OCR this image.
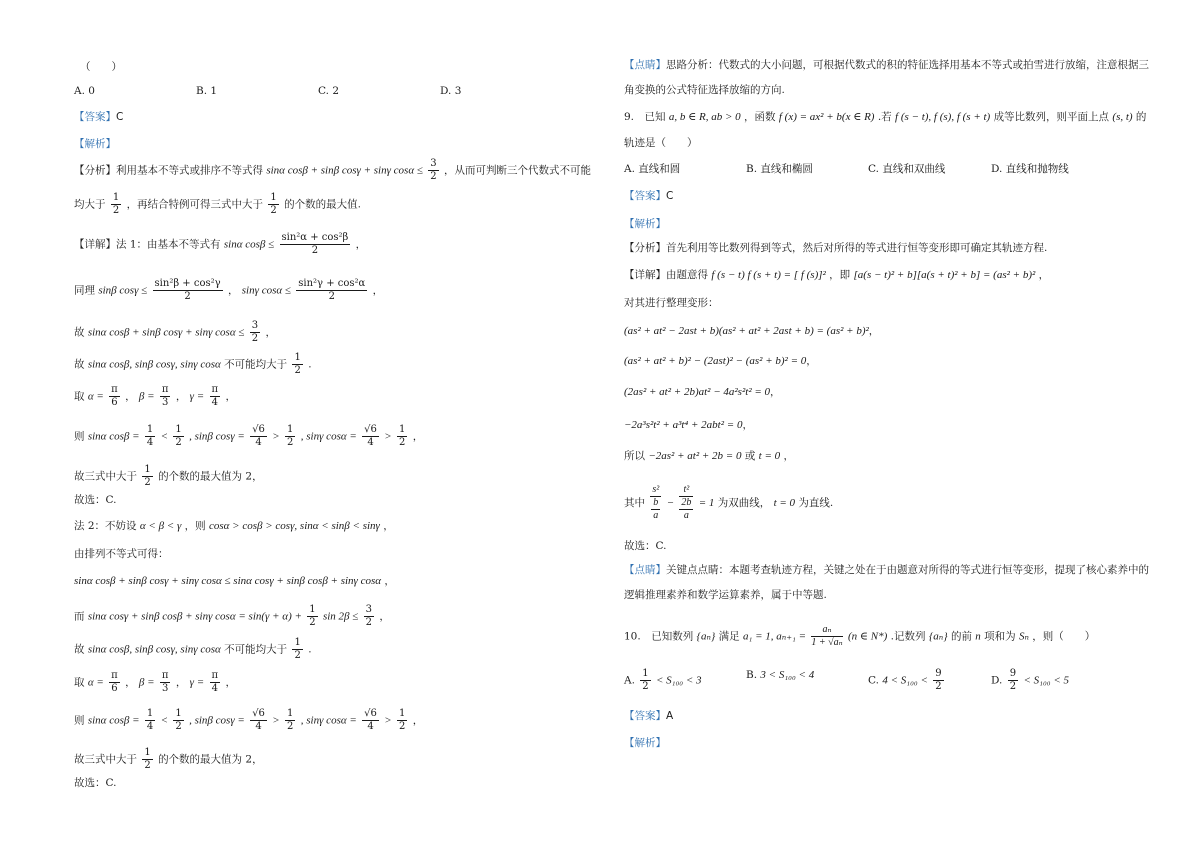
（　　）
A. 0	B. 1	C. 2	D. 3
【答案】C
【解析】
【分析】利用基本不等式或排序不等式得 sinα cosβ + sinβ cosγ + sinγ $\cos\alpha \le \frac{3}{2}$ ，从而可判断三个代数式不可能
均大于 $\frac{1}{2}$ ，再结合特例可得三式中大于 $\frac{1}{2}$ 的个数的最大值.
【详解】法 1：由基本不等式有 sinα $\cos\beta \le \frac{\text{sin²α + cos²β}}{2}$ ，
同理 sinβ $\cos\gamma \le \frac{\text{sin²β + cos²γ}}{2}$ ， sinγ $\cos\alpha \le \frac{\text{sin²γ + cos²α}}{2}$ ，
故 sinα cosβ + sinβ cosγ + sinγ $\cos\alpha \le \frac{3}{2}$ ，
故 sinα cosβ, sinβ cosγ, sinγ cosα 不可能均大于 $\frac{1}{2}$ .
取 $\alpha = \frac{\pi}{6}$ ， $\beta = \frac{\pi}{3}$ ， $\gamma = \frac{\pi}{4}$ ，
则 sinα $\cos\beta = \frac{1}{4} < \frac{1}{2}$ , sinβ $\cos\gamma = \frac{√6}{4} > \frac{1}{2}$ , sinγ $\cos\alpha = \frac{√6}{4} > \frac{1}{2}$ ，
故三式中大于 $\frac{1}{2}$ 的个数的最大值为 2，
故选：C.
法 2：不妨设 α < β < γ ，则 cosα > cosβ > cosγ, sinα < sinβ < sinγ ，
由排列不等式可得：
sinα cosβ + sinβ cosγ + sinγ cosα ≤ sinα cosγ + sinβ cosβ + sinγ cosα ，
而 sinα cosγ + sinβ cosβ + sinγ $\cos\alpha = \sin(\gamma + \alpha) + \frac{1}{2}$ $\sin 2\beta \le \frac{3}{2}$ ，
故 sinα cosβ, sinβ cosγ, sinγ cosα 不可能均大于 $\frac{1}{2}$ .
取 $\alpha = \frac{\pi}{6}$ ， $\beta = \frac{\pi}{3}$ ， $\gamma = \frac{\pi}{4}$ ，
则 sinα $\cos\beta = \frac{1}{4} < \frac{1}{2}$ , sinβ $\cos\gamma = \frac{√6}{4} > \frac{1}{2}$ , sinγ $\cos\alpha = \frac{√6}{4} > \frac{1}{2}$ ，
故三式中大于 $\frac{1}{2}$ 的个数的最大值为 2，
故选：C.
【点睛】思路分析：代数式的大小问题，可根据代数式的积的特征选择用基本不等式或拍雪进行放缩，注意根据三
角变换的公式特征选择放缩的方向.
9.　已知 a, b ∈ R, ab > 0 ，函数 f (x) = ax² + b(x ∈ R) .若 f (s − t), f (s), f (s + t) 成等比数列，则平面上点 (s, t) 的
轨迹是（　　）
A. 直线和圆	B. 直线和椭圆	C. 直线和双曲线	D. 直线和抛物线
【答案】C
【解析】
【分析】首先利用等比数列得到等式，然后对所得的等式进行恒等变形即可确定其轨迹方程.
【详解】由题意得 f (s − t) f (s + t) = [ f (s)]² ，即 [a(s − t)² + b][a(s + t)² + b] = (as² + b)² ，
对其进行整理变形：
(as² + at² − 2ast + b)(as² + at² + 2ast + b) = (as² + b)²，
(as² + at² + b)² − (2ast)² − (as² + b)² = 0，
(2as² + at² + 2b)at² − 4a²s²t² = 0，
−2a³s²t² + a³t⁴ + 2abt² = 0，
所以 −2as² + at² + 2b = 0 或 t = 0 ，
其中 $\frac{\text{s²}}{\frac{b}{a}} - \frac{\text{t²}}{\frac{2b}{a}} = 1$ 为双曲线， t = 0 为直线.
故选：C.
【点睛】关键点点睛：本题考查轨迹方程，关键之处在于由题意对所得的等式进行恒等变形，提现了核心素养中的
逻辑推理素养和数学运算素养，属于中等题.
10.　已知数列 {aₙ} 满足 a₁ = 1, $a_{n+1} = \frac{\text{aₙ}}{\text{1 + √aₙ}} (n$ ∈ N*) .记数列 {aₙ} 的前 n 项和为 Sₙ ，则（　　）
A. $\frac{1}{2} < S_{100} < 3$	B. 3 < S₁₀₀ < 4	C. $4 < S_{100} < \frac{9}{2}$	D. $\frac{9}{2} < S_{100} < 5$
【答案】A
【解析】
